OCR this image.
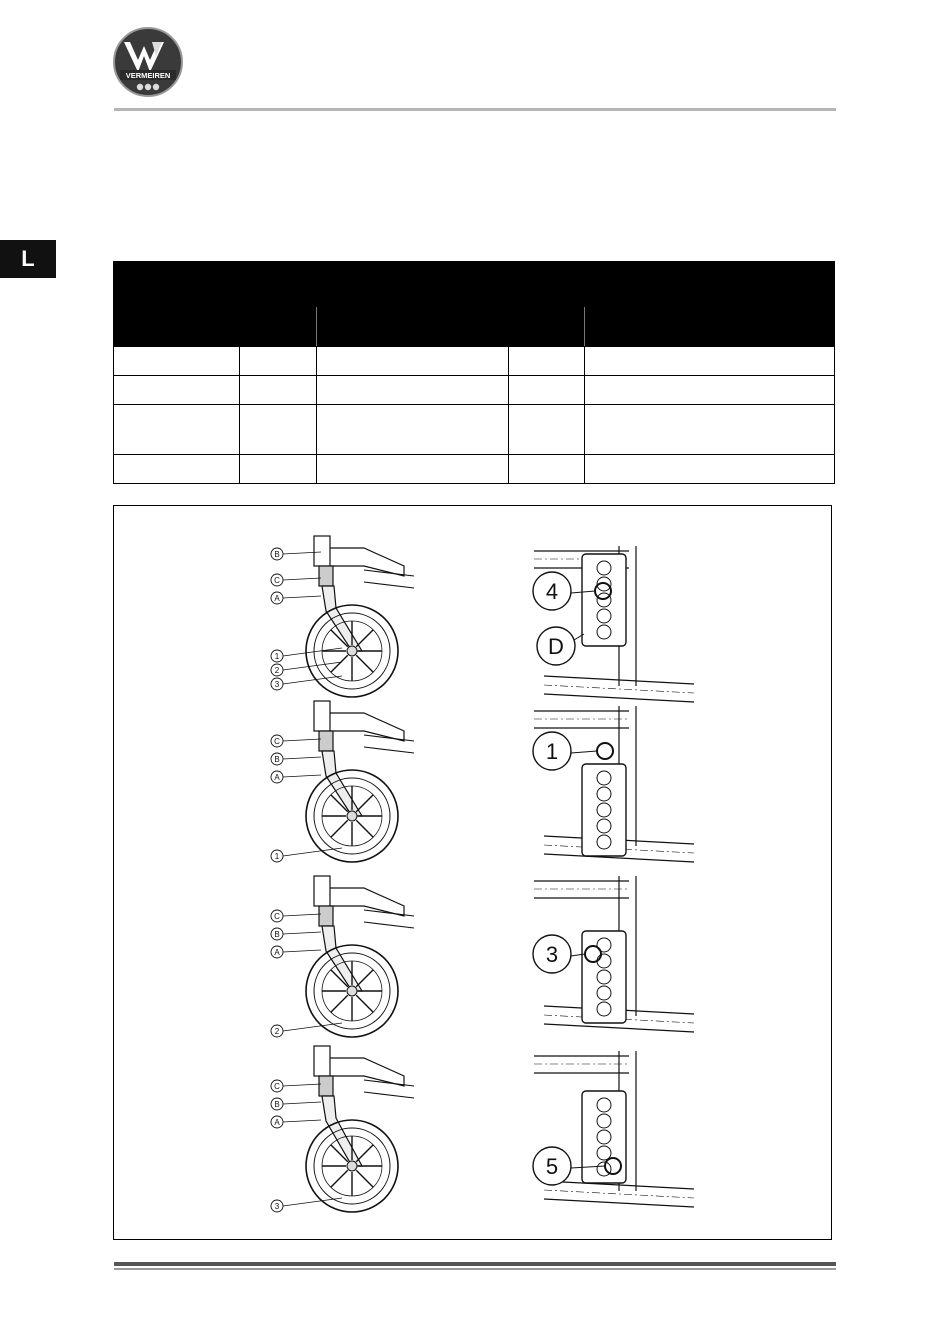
VERMEIREN
L

B
C
A
1
2
3
C
B
A
1
C
B
A
2
C
B
A
3
4
D
1
3
5
